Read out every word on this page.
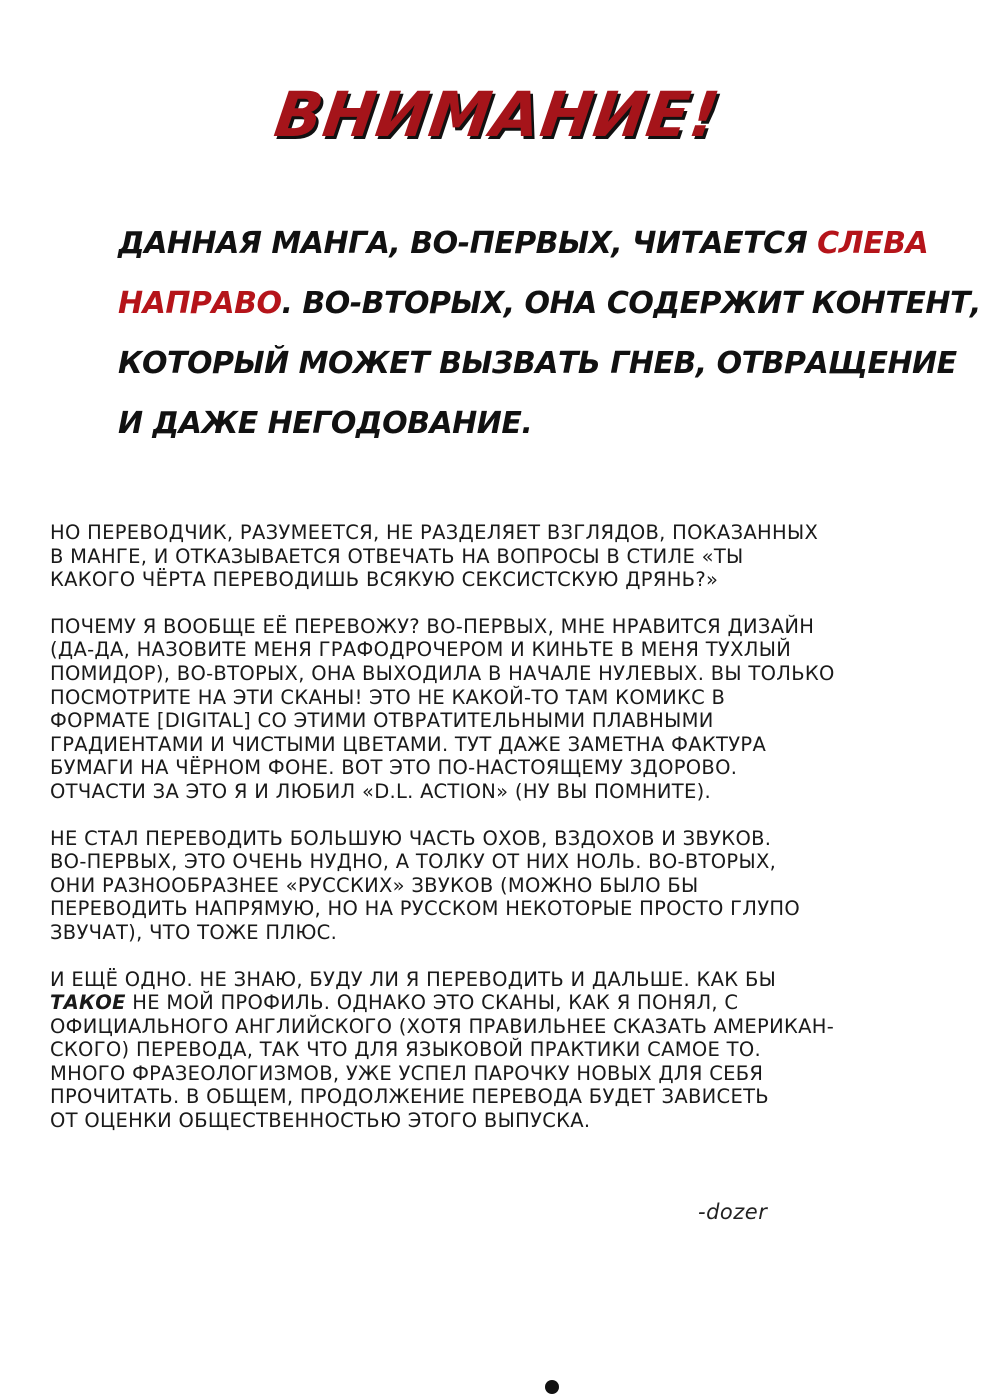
ВНИМАНИЕ!
ДАННАЯ МАНГА, ВО-ПЕРВЫХ, ЧИТАЕТСЯ СЛЕВА
НАПРАВО. ВО-ВТОРЫХ, ОНА СОДЕРЖИТ КОНТЕНТ,
КОТОРЫЙ МОЖЕТ ВЫЗВАТЬ ГНЕВ, ОТВРАЩЕНИЕ
И ДАЖЕ НЕГОДОВАНИЕ.
НО ПЕРЕВОДЧИК, РАЗУМЕЕТСЯ, НЕ РАЗДЕЛЯЕТ ВЗГЛЯДОВ, ПОКАЗАННЫХ
В МАНГЕ, И ОТКАЗЫВАЕТСЯ ОТВЕЧАТЬ НА ВОПРОСЫ В СТИЛЕ «ТЫ
КАКОГО ЧЁРТА ПЕРЕВОДИШЬ ВСЯКУЮ СЕКСИСТСКУЮ ДРЯНЬ?»
ПОЧЕМУ Я ВООБЩЕ ЕЁ ПЕРЕВОЖУ? ВО-ПЕРВЫХ, МНЕ НРАВИТСЯ ДИЗАЙН
(ДА-ДА, НАЗОВИТЕ МЕНЯ ГРАФОДРОЧЕРОМ И КИНЬТЕ В МЕНЯ ТУХЛЫЙ
ПОМИДОР), ВО-ВТОРЫХ, ОНА ВЫХОДИЛА В НАЧАЛЕ НУЛЕВЫХ. ВЫ ТОЛЬКО
ПОСМОТРИТЕ НА ЭТИ СКАНЫ! ЭТО НЕ КАКОЙ-ТО ТАМ КОМИКС В
ФОРМАТЕ [DIGITAL] СО ЭТИМИ ОТВРАТИТЕЛЬНЫМИ ПЛАВНЫМИ
ГРАДИЕНТАМИ И ЧИСТЫМИ ЦВЕТАМИ. ТУТ ДАЖЕ ЗАМЕТНА ФАКТУРА
БУМАГИ НА ЧЁРНОМ ФОНЕ. ВОТ ЭТО ПО-НАСТОЯЩЕМУ ЗДОРОВО.
ОТЧАСТИ ЗА ЭТО Я И ЛЮБИЛ «D.L. ACTION» (НУ ВЫ ПОМНИТЕ).
НЕ СТАЛ ПЕРЕВОДИТЬ БОЛЬШУЮ ЧАСТЬ ОХОВ, ВЗДОХОВ И ЗВУКОВ.
ВО-ПЕРВЫХ, ЭТО ОЧЕНЬ НУДНО, А ТОЛКУ ОТ НИХ НОЛЬ. ВО-ВТОРЫХ,
ОНИ РАЗНООБРАЗНЕЕ «РУССКИХ» ЗВУКОВ (МОЖНО БЫЛО БЫ
ПЕРЕВОДИТЬ НАПРЯМУЮ, НО НА РУССКОМ НЕКОТОРЫЕ ПРОСТО ГЛУПО
ЗВУЧАТ), ЧТО ТОЖЕ ПЛЮС.
И ЕЩЁ ОДНО. НЕ ЗНАЮ, БУДУ ЛИ Я ПЕРЕВОДИТЬ И ДАЛЬШЕ. КАК БЫ
ТАКОЕ НЕ МОЙ ПРОФИЛЬ. ОДНАКО ЭТО СКАНЫ, КАК Я ПОНЯЛ, С
ОФИЦИАЛЬНОГО АНГЛИЙСКОГО (ХОТЯ ПРАВИЛЬНЕЕ СКАЗАТЬ АМЕРИКАН-
СКОГО) ПЕРЕВОДА, ТАК ЧТО ДЛЯ ЯЗЫКОВОЙ ПРАКТИКИ САМОЕ ТО.
МНОГО ФРАЗЕОЛОГИЗМОВ, УЖЕ УСПЕЛ ПАРОЧКУ НОВЫХ ДЛЯ СЕБЯ
ПРОЧИТАТЬ. В ОБЩЕМ, ПРОДОЛЖЕНИЕ ПЕРЕВОДА БУДЕТ ЗАВИСЕТЬ
ОТ ОЦЕНКИ ОБЩЕСТВЕННОСТЬЮ ЭТОГО ВЫПУСКА.
-dozer
